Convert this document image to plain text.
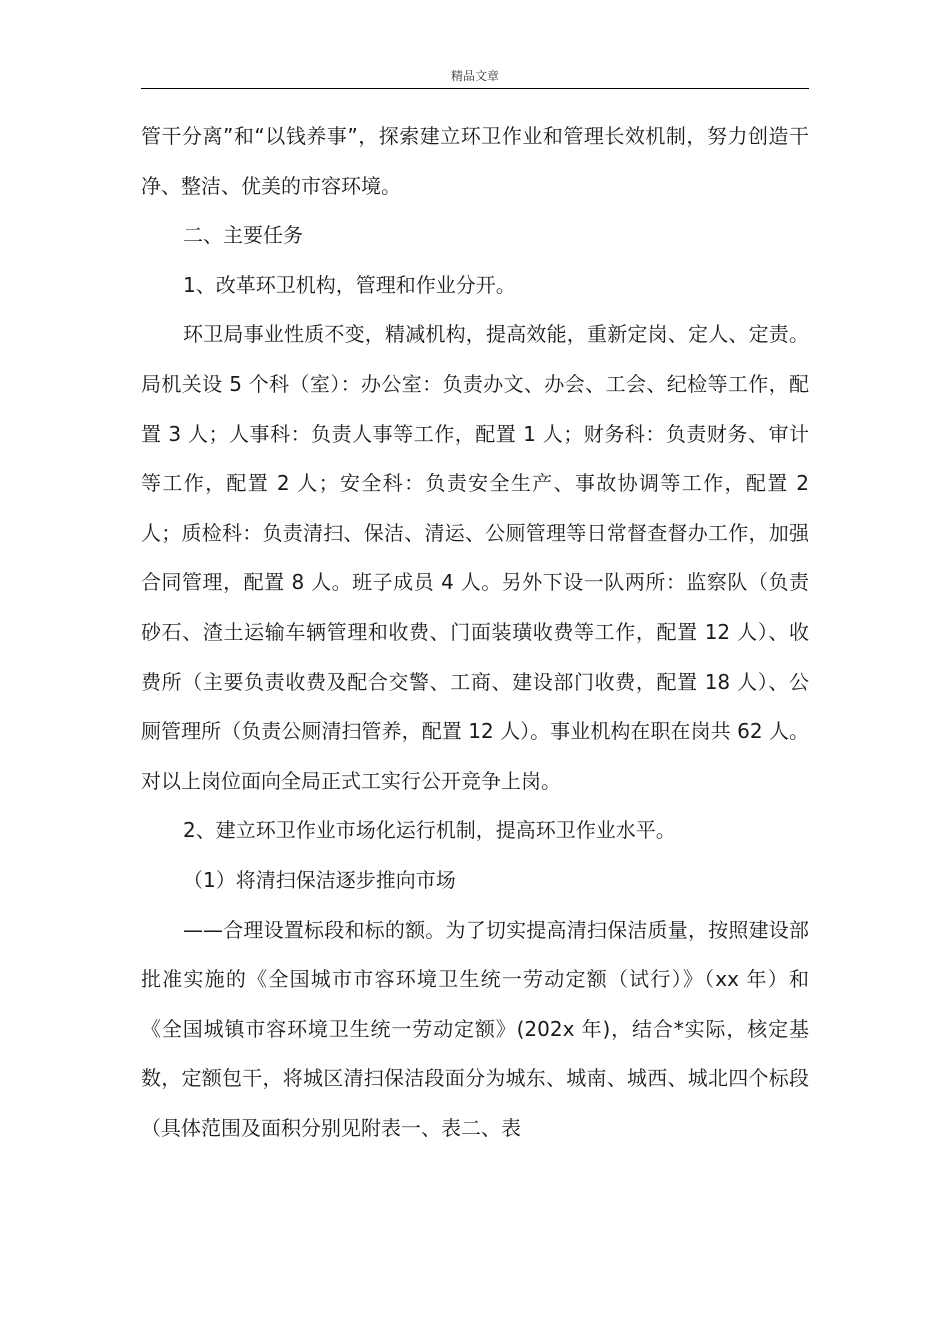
精品文章

管干分离”和“以钱养事”，探索建立环卫作业和管理长效机制，努力创造干净、整洁、优美的市容环境。

二、主要任务

1、改革环卫机构，管理和作业分开。

环卫局事业性质不变，精减机构，提高效能，重新定岗、定人、定责。局机关设 5 个科（室）：办公室：负责办文、办会、工会、纪检等工作，配置 3 人；人事科：负责人事等工作，配置 1 人；财务科：负责财务、审计等工作，配置 2 人；安全科：负责安全生产、事故协调等工作，配置 2 人；质检科：负责清扫、保洁、清运、公厕管理等日常督查督办工作，加强合同管理，配置 8 人。班子成员 4 人。另外下设一队两所：监察队（负责砂石、渣土运输车辆管理和收费、门面装璜收费等工作，配置 12 人）、收费所（主要负责收费及配合交警、工商、建设部门收费，配置 18 人）、公厕管理所（负责公厕清扫管养，配置 12 人）。事业机构在职在岗共 62 人。对以上岗位面向全局正式工实行公开竞争上岗。

2、建立环卫作业市场化运行机制，提高环卫作业水平。

（1）将清扫保洁逐步推向市场

——合理设置标段和标的额。为了切实提高清扫保洁质量，按照建设部批准实施的《全国城市市容环境卫生统一劳动定额（试行）》（xx 年）和《全国城镇市容环境卫生统一劳动定额》(202x 年)，结合*实际，核定基数，定额包干，将城区清扫保洁段面分为城东、城南、城西、城北四个标段（具体范围及面积分别见附表一、表二、表
